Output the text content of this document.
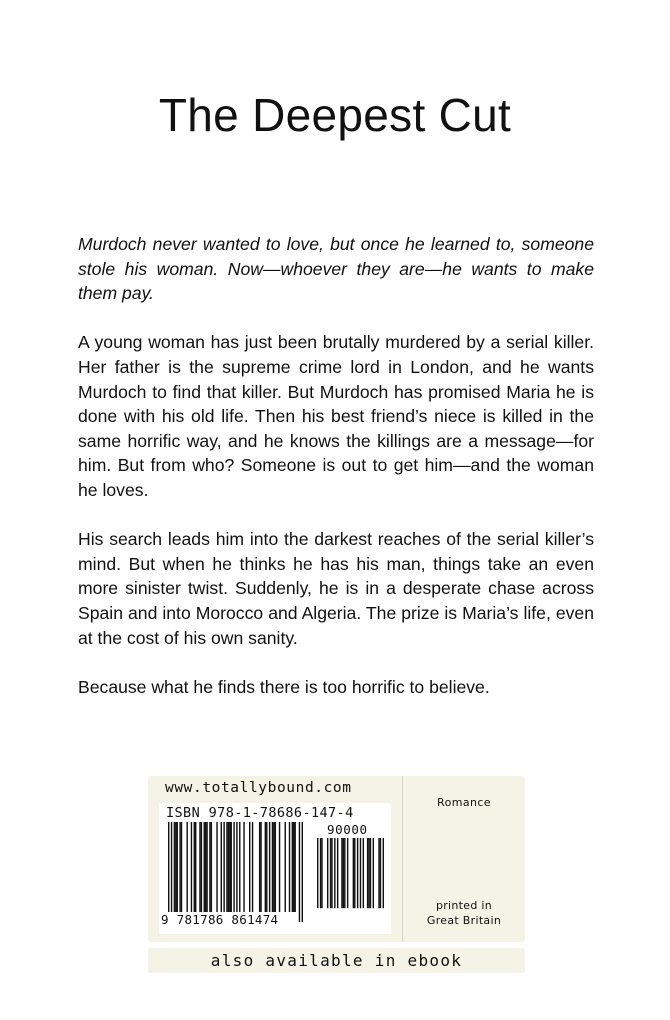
The Deepest Cut

Murdoch never wanted to love, but once he learned to, someone stole his woman. Now—whoever they are—he wants to make them pay.

A young woman has just been brutally murdered by a serial killer. Her father is the supreme crime lord in London, and he wants Murdoch to find that killer. But Murdoch has promised Maria he is done with his old life. Then his best friend’s niece is killed in the same horrific way, and he knows the killings are a message—for him. But from who? Someone is out to get him—and the woman he loves.

His search leads him into the darkest reaches of the serial killer’s mind. But when he thinks he has his man, things take an even more sinister twist. Suddenly, he is in a desperate chase across Spain and into Morocco and Algeria. The prize is Maria’s life, even at the cost of his own sanity.

Because what he finds there is too horrific to believe.

www.totallybound.com
ISBN 978-1-78686-147-4
90000
9 781786 861474
Romance
printed in
Great Britain
also available in ebook
